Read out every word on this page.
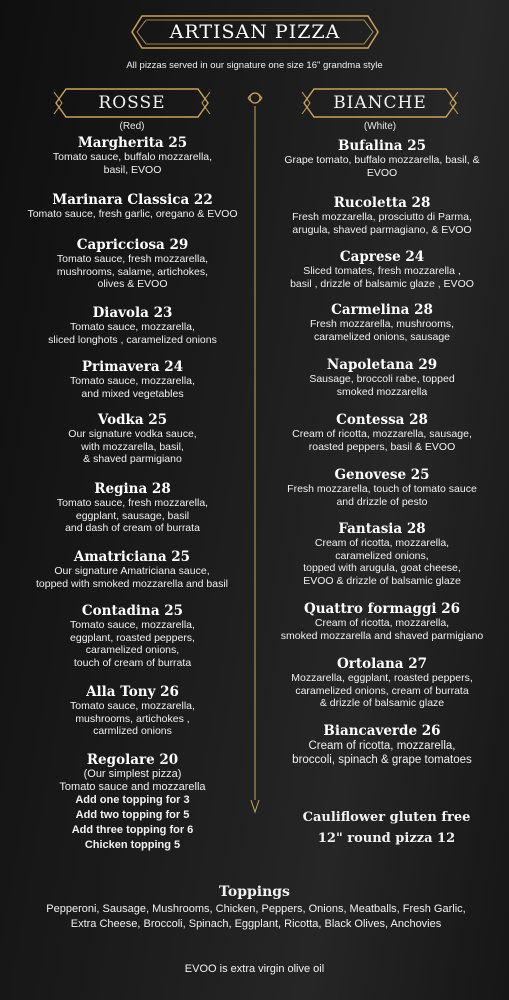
ARTISAN PIZZA
All pizzas served in our signature one size 16" grandma style
ROSSE
(Red)
BIANCHE
(White)
Margherita 25
Tomato sauce, buffalo mozzarella,
basil, EVOO
Marinara Classica 22
Tomato sauce, fresh garlic, oregano & EVOO
Capricciosa 29
Tomato sauce, fresh mozzarella,
mushrooms, salame, artichokes,
olives & EVOO
Diavola 23
Tomato sauce, mozzarella,
sliced longhots , caramelized onions
Primavera 24
Tomato sauce, mozzarella,
and mixed vegetables
Vodka 25
Our signature vodka sauce,
with mozzarella, basil,
& shaved parmigiano
Regina 28
Tomato sauce, fresh mozzarella,
eggplant, sausage, basil
and dash of cream of burrata
Amatriciana 25
Our signature Amatriciana sauce,
topped with smoked mozzarella and basil
Contadina 25
Tomato sauce, mozzarella,
eggplant, roasted peppers,
caramelized onions,
touch of cream of burrata
Alla Tony 26
Tomato sauce, mozzarella,
mushrooms, artichokes ,
carmlized onions
Regolare 20
(Our simplest pizza)
Tomato sauce and mozzarella
Add one topping for 3
Add two topping for 5
Add three topping for 6
Chicken topping 5
Bufalina 25
Grape tomato, buffalo mozzarella, basil, &
EVOO
Rucoletta 28
Fresh mozzarella, prosciutto di Parma,
arugula, shaved parmagiano, & EVOO
Caprese 24
Sliced tomates, fresh mozzarella ,
basil , drizzle of balsamic glaze , EVOO
Carmelina 28
Fresh mozzarella, mushrooms,
caramelized onions, sausage
Napoletana 29
Sausage, broccoli rabe, topped
smoked mozzarella
Contessa 28
Cream of ricotta, mozzarella, sausage,
roasted peppers, basil & EVOO
Genovese 25
Fresh mozzarella, touch of tomato sauce
and drizzle of pesto
Fantasia 28
Cream of ricotta, mozzarella,
caramelized onions,
topped with arugula, goat cheese,
EVOO & drizzle of balsamic glaze
Quattro formaggi 26
Cream of ricotta, mozzarella,
smoked mozzarella and shaved parmigiano
Ortolana 27
Mozzarella, eggplant, roasted peppers,
caramelized onions, cream of burrata
& drizzle of balsamic glaze
Biancaverde 26
Cream of ricotta, mozzarella,
broccoli, spinach & grape tomatoes
Cauliflower gluten free
12" round pizza 12
Toppings
Pepperoni, Sausage, Mushrooms, Chicken, Peppers, Onions, Meatballs, Fresh Garlic, Extra Cheese, Broccoli, Spinach, Eggplant, Ricotta, Black Olives, Anchovies
EVOO is extra virgin olive oil
